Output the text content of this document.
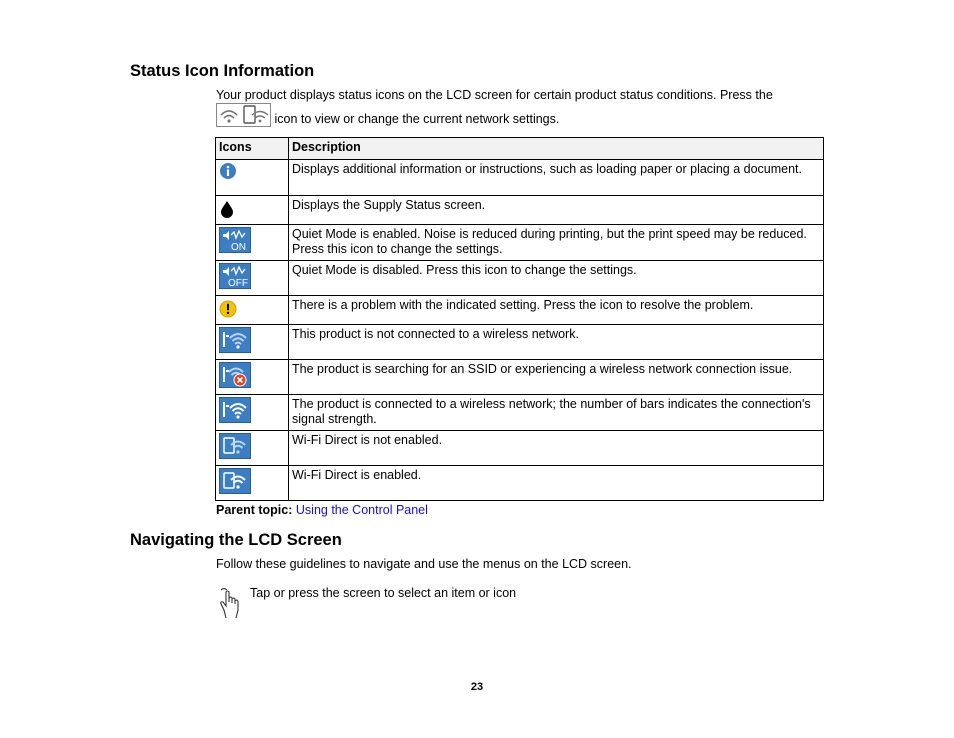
Status Icon Information
Your product displays status icons on the LCD screen for certain product status conditions. Press the
icon to view or change the current network settings.
Icons	Description
	Displays additional information or instructions, such as loading paper or placing a document.
	Displays the Supply Status screen.

ON	Quiet Mode is enabled. Noise is reduced during printing, but the print speed may be reduced. Press this icon to change the settings.

OFF	Quiet Mode is disabled. Press this icon to change the settings.
	There is a problem with the indicated setting. Press the icon to resolve the problem.
	This product is not connected to a wireless network.
	The product is searching for an SSID or experiencing a wireless network connection issue.
	The product is connected to a wireless network; the number of bars indicates the connection's signal strength.
	Wi-Fi Direct is not enabled.
	Wi-Fi Direct is enabled.
Parent topic: Using the Control Panel
Navigating the LCD Screen
Follow these guidelines to navigate and use the menus on the LCD screen.
Tap or press the screen to select an item or icon
23
